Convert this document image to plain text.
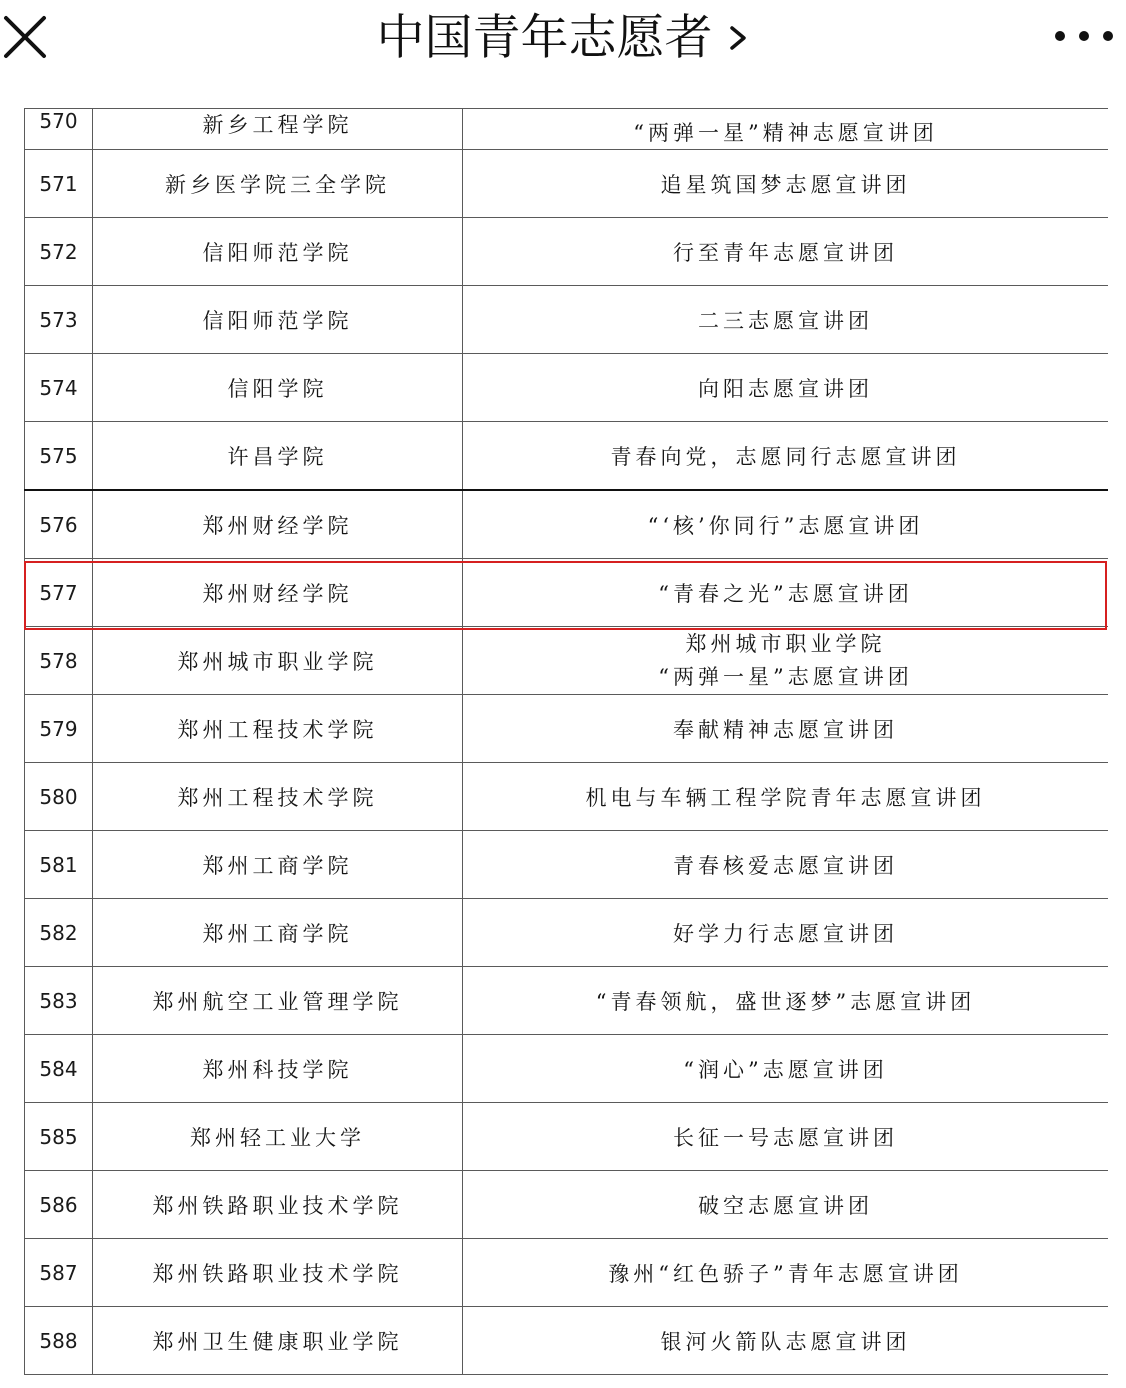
中国青年志愿者
570	新乡工程学院	“两弹一星”精神志愿宣讲团
571	新乡医学院三全学院	追星筑国梦志愿宣讲团
572	信阳师范学院	行至青年志愿宣讲团
573	信阳师范学院	二三志愿宣讲团
574	信阳学院	向阳志愿宣讲团
575	许昌学院	青春向党，志愿同行志愿宣讲团
576	郑州财经学院	“‘核’你同行”志愿宣讲团
577	郑州财经学院	“青春之光”志愿宣讲团
578	郑州城市职业学院	郑州城市职业学院
“两弹一星”志愿宣讲团

579	郑州工程技术学院	奉献精神志愿宣讲团
580	郑州工程技术学院	机电与车辆工程学院青年志愿宣讲团
581	郑州工商学院	青春核爱志愿宣讲团
582	郑州工商学院	好学力行志愿宣讲团
583	郑州航空工业管理学院	“青春领航，盛世逐梦”志愿宣讲团
584	郑州科技学院	“润心”志愿宣讲团
585	郑州轻工业大学	长征一号志愿宣讲团
586	郑州铁路职业技术学院	破空志愿宣讲团
587	郑州铁路职业技术学院	豫州“红色骄子”青年志愿宣讲团
588	郑州卫生健康职业学院	银河火箭队志愿宣讲团
